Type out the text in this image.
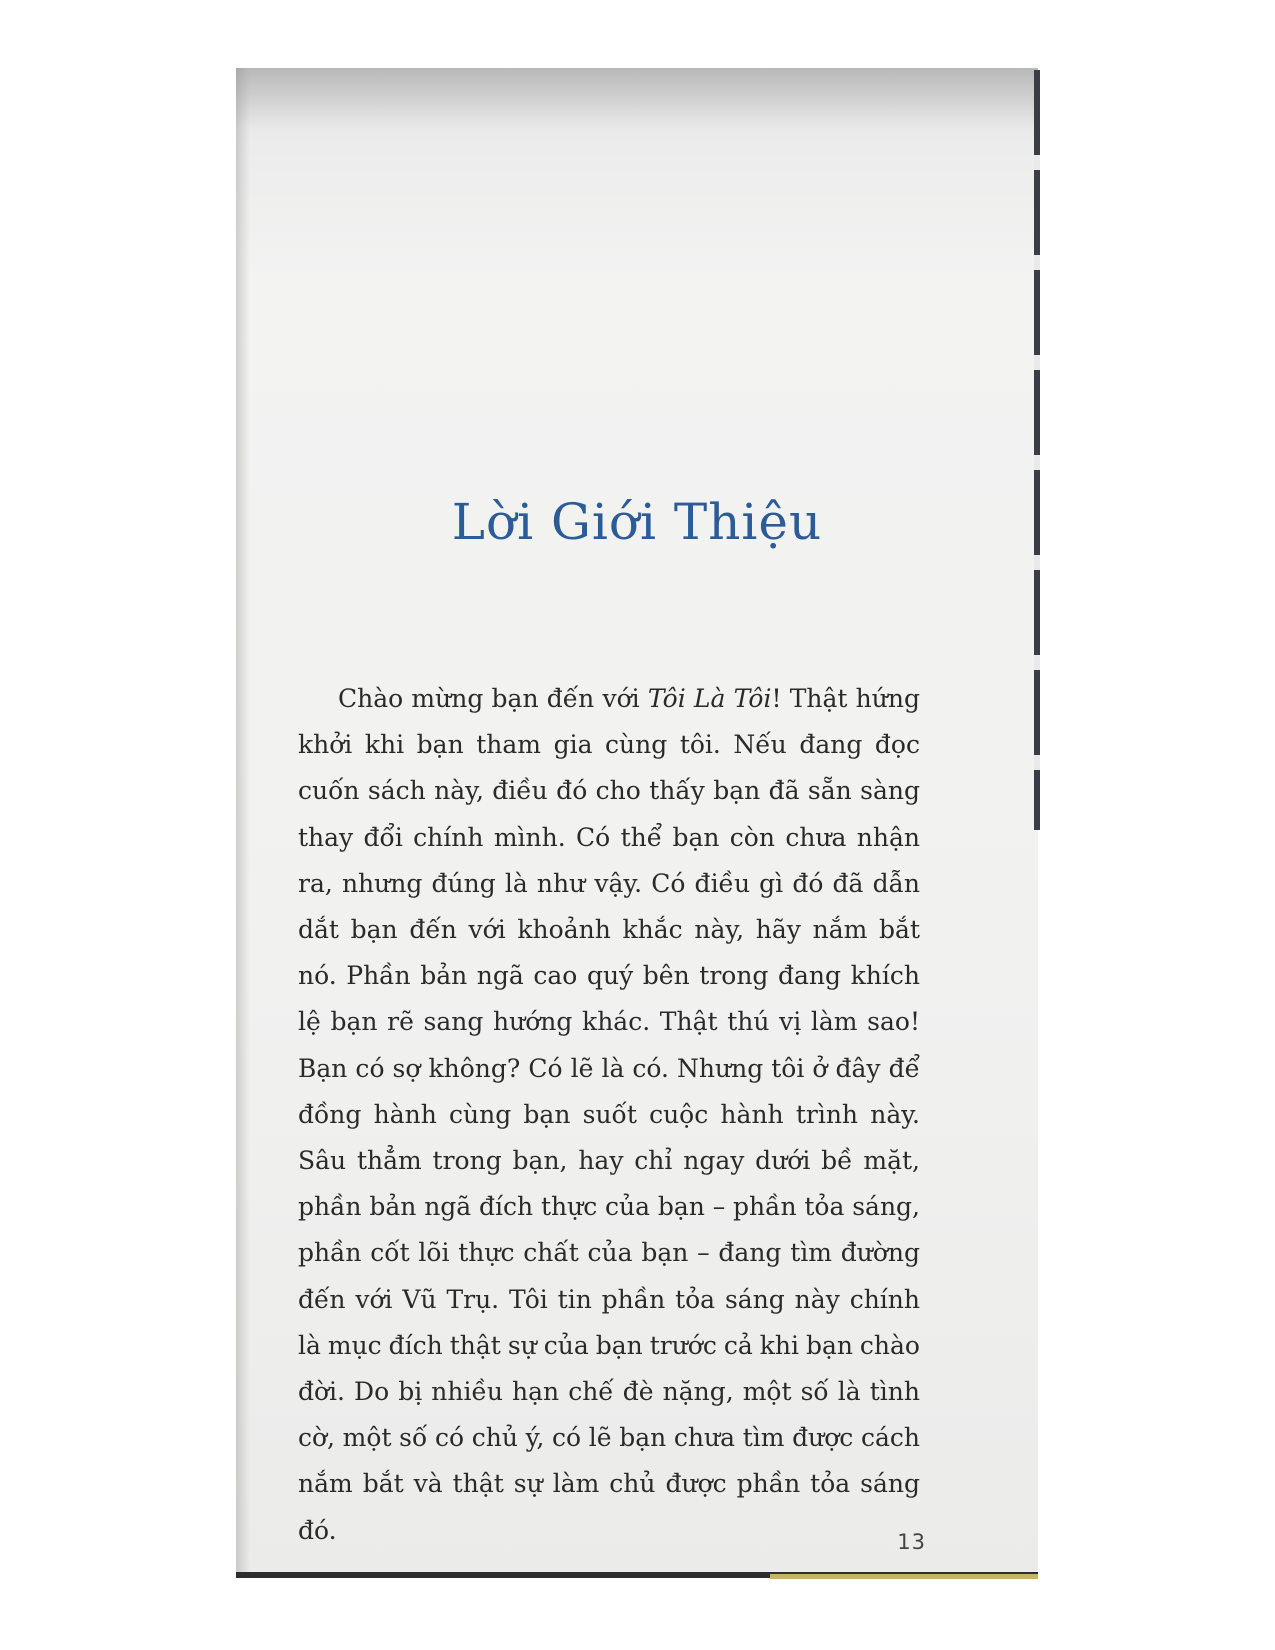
Lời Giới Thiệu

Chào mừng bạn đến với Tôi Là Tôi! Thật hứng khởi khi bạn tham gia cùng tôi. Nếu đang đọc cuốn sách này, điều đó cho thấy bạn đã sẵn sàng thay đổi chính mình. Có thể bạn còn chưa nhận ra, nhưng đúng là như vậy. Có điều gì đó đã dẫn dắt bạn đến với khoảnh khắc này, hãy nắm bắt nó. Phần bản ngã cao quý bên trong đang khích lệ bạn rẽ sang hướng khác. Thật thú vị làm sao! Bạn có sợ không? Có lẽ là có. Nhưng tôi ở đây để đồng hành cùng bạn suốt cuộc hành trình này. Sâu thẳm trong bạn, hay chỉ ngay dưới bề mặt, phần bản ngã đích thực của bạn – phần tỏa sáng, phần cốt lõi thực chất của bạn – đang tìm đường đến với Vũ Trụ. Tôi tin phần tỏa sáng này chính là mục đích thật sự của bạn trước cả khi bạn chào đời. Do bị nhiều hạn chế đè nặng, một số là tình cờ, một số có chủ ý, có lẽ bạn chưa tìm được cách nắm bắt và thật sự làm chủ được phần tỏa sáng đó.	13
